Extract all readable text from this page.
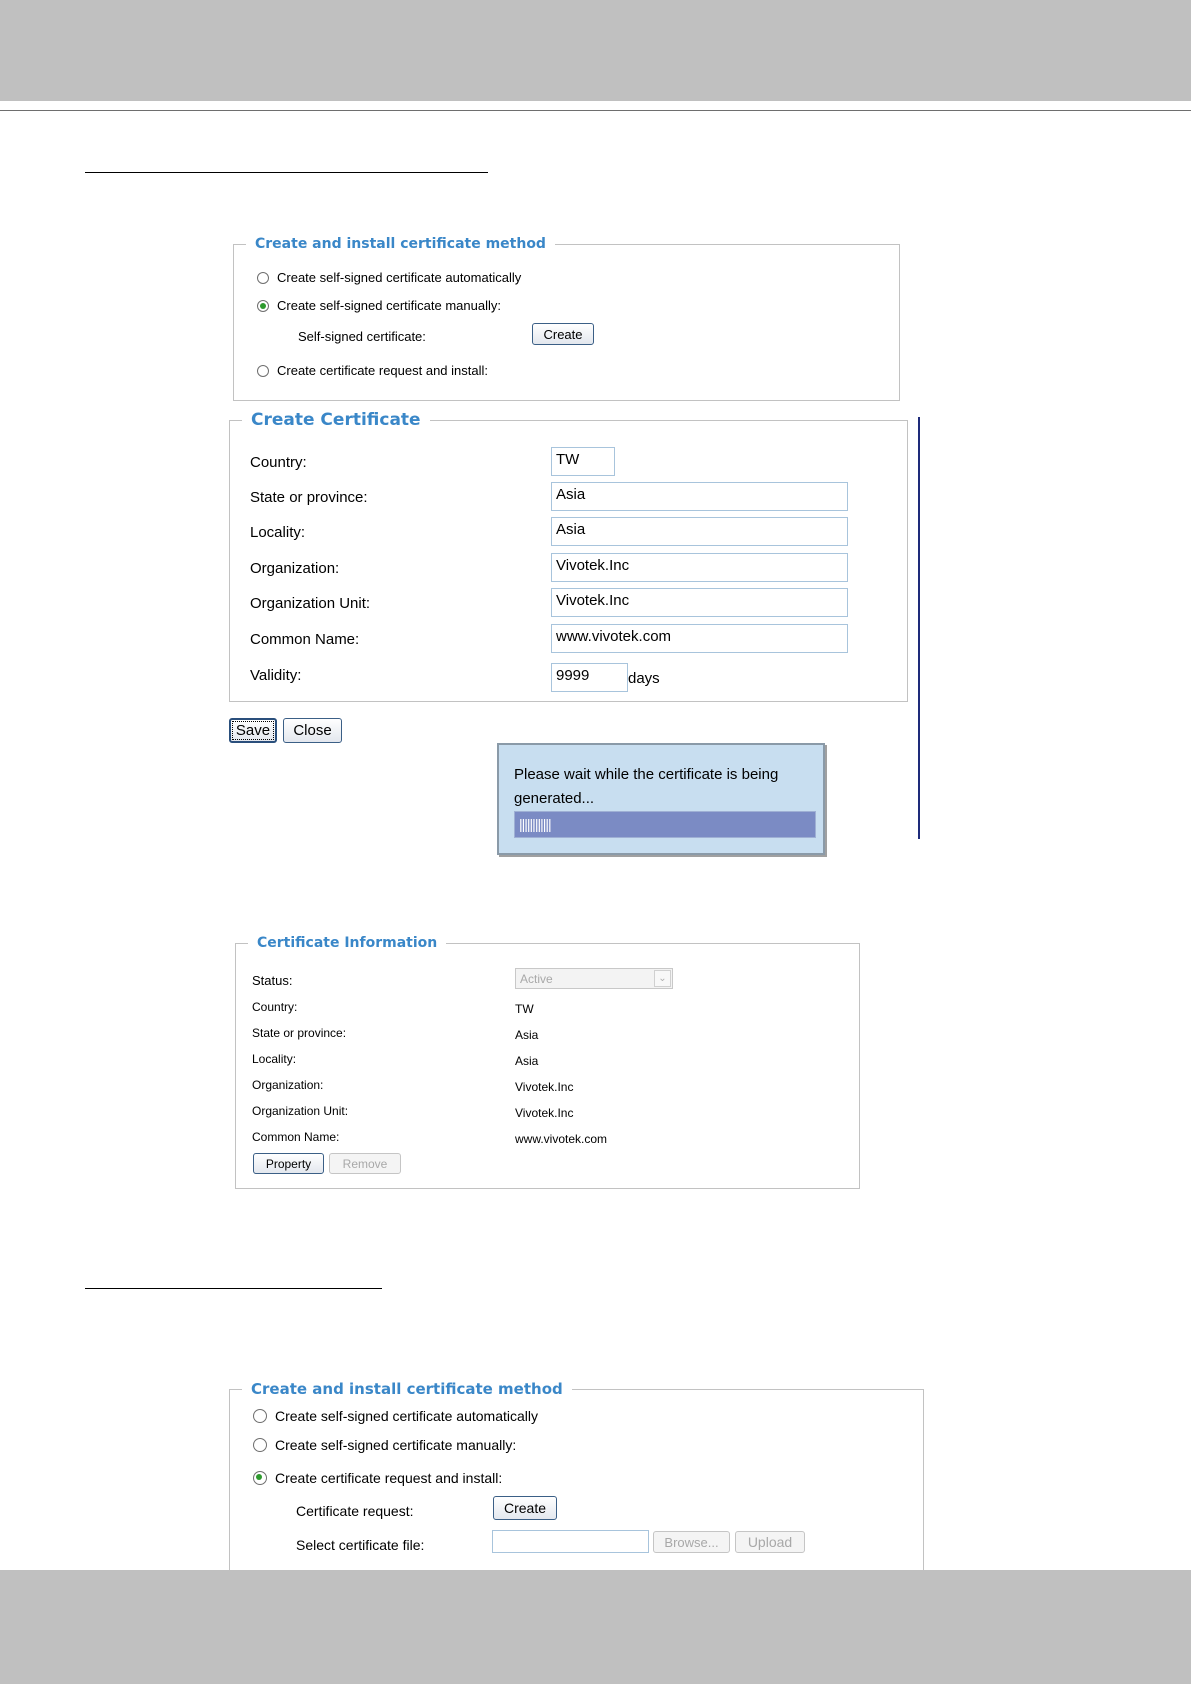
Create and install certificate method
Create self-signed certificate automatically
Create self-signed certificate manually:
Self-signed certificate:	Create
Create certificate request and install:
Create Certificate
Country:	TW
State or province:	Asia
Locality:	Asia
Organization:	Vivotek.Inc
Organization Unit:	Vivotek.Inc
Common Name:	www.vivotek.com
Validity:	9999	days
Save	Close
Please wait while the certificate is being generated...
||||||||||||
Certificate Information
Status:	Active	⌄
Country:	TW
State or province:	Asia
Locality:	Asia
Organization:	Vivotek.Inc
Organization Unit:	Vivotek.Inc
Common Name:	www.vivotek.com
Property	Remove
Create and install certificate method
Create self-signed certificate automatically
Create self-signed certificate manually:
Create certificate request and install:
Certificate request:	Create
Select certificate file:	Browse...	Upload
